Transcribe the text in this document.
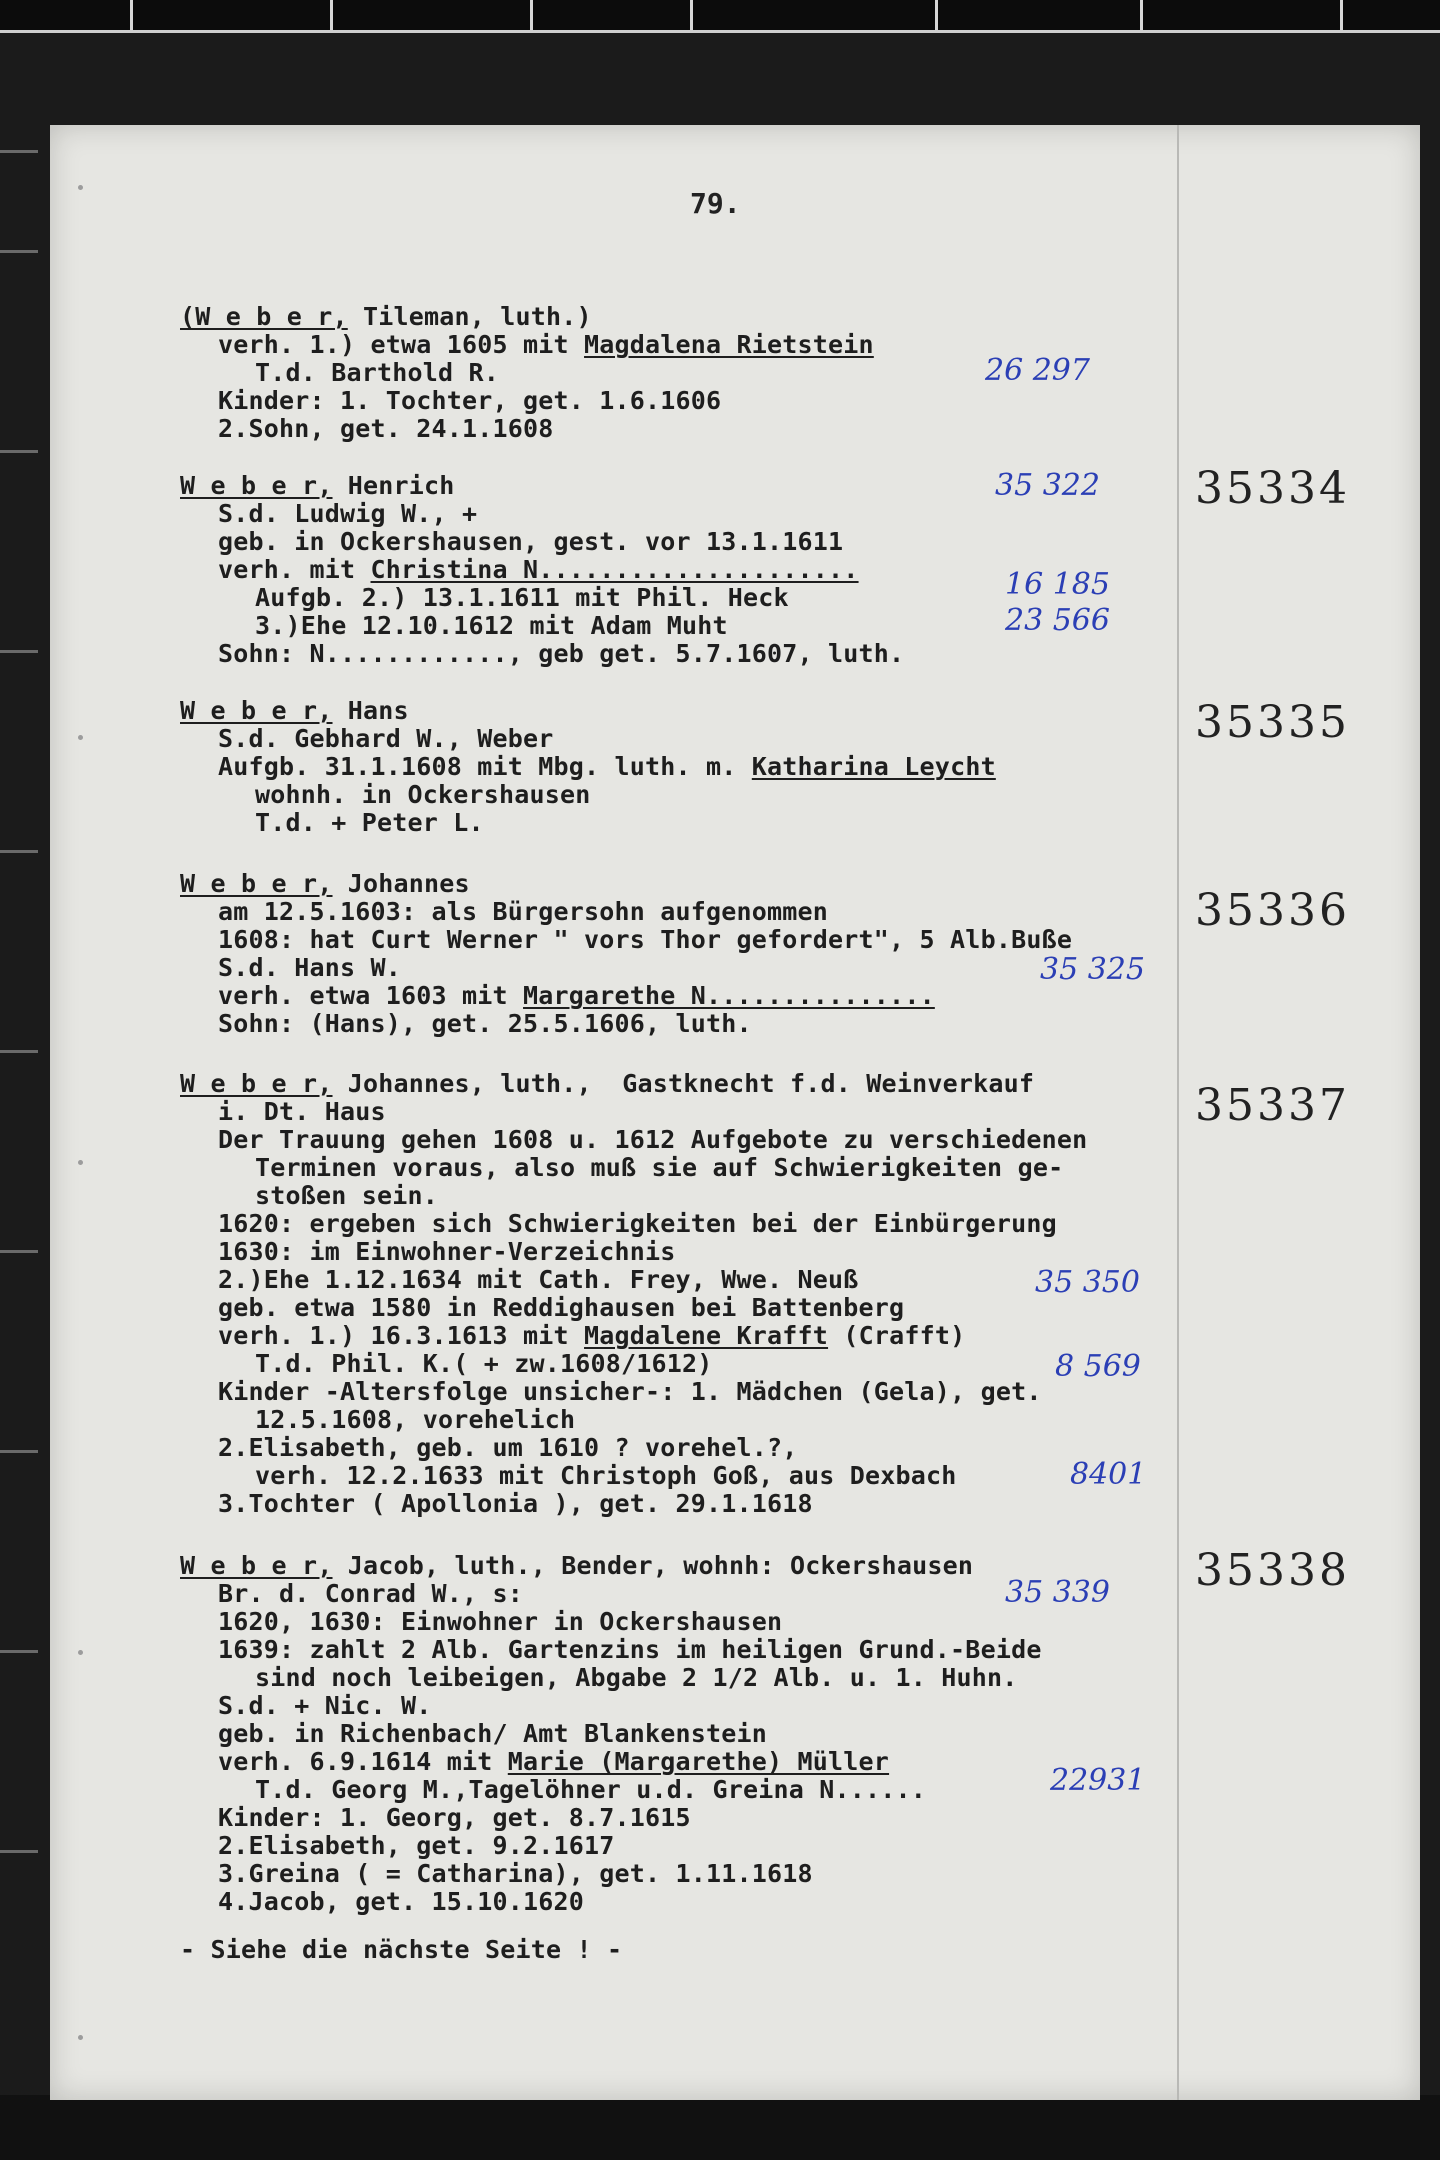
79.
(W e b e r, Tileman, luth.)
verh. 1.) etwa 1605 mit Magdalena Rietstein
T.d. Barthold R.
Kinder: 1. Tochter, get. 1.6.1606
2.Sohn, get. 24.1.1608
26 297
W e b e r, Henrich
S.d. Ludwig W., +
geb. in Ockershausen, gest. vor 13.1.1611
verh. mit Christina N.....................
Aufgb. 2.) 13.1.1611 mit Phil. Heck
3.)Ehe 12.10.1612 mit Adam Muht
Sohn: N............, geb get. 5.7.1607, luth.
35 322
16 185
23 566
35334
W e b e r, Hans
S.d. Gebhard W., Weber
Aufgb. 31.1.1608 mit Mbg. luth. m. Katharina Leycht
wohnh. in Ockershausen
T.d. + Peter L.
35335
W e b e r, Johannes
am 12.5.1603: als Bürgersohn aufgenommen
1608: hat Curt Werner " vors Thor gefordert", 5 Alb.Buße
S.d. Hans W.
verh. etwa 1603 mit Margarethe N...............
Sohn: (Hans), get. 25.5.1606, luth.
35 325
35336
W e b e r, Johannes, luth.,  Gastknecht f.d. Weinverkauf
i. Dt. Haus
Der Trauung gehen 1608 u. 1612 Aufgebote zu verschiedenen
Terminen voraus, also muß sie auf Schwierigkeiten ge-
stoßen sein.
1620: ergeben sich Schwierigkeiten bei der Einbürgerung
1630: im Einwohner-Verzeichnis
2.)Ehe 1.12.1634 mit Cath. Frey, Wwe. Neuß
geb. etwa 1580 in Reddighausen bei Battenberg
verh. 1.) 16.3.1613 mit Magdalene Krafft (Crafft)
T.d. Phil. K.( + zw.1608/1612)
Kinder -Altersfolge unsicher-: 1. Mädchen (Gela), get.
12.5.1608, vorehelich
2.Elisabeth, geb. um 1610 ? vorehel.?,
verh. 12.2.1633 mit Christoph Goß, aus Dexbach
3.Tochter ( Apollonia ), get. 29.1.1618
35 350
8 569
8401
35337
W e b e r, Jacob, luth., Bender, wohnh: Ockershausen
Br. d. Conrad W., s:
1620, 1630: Einwohner in Ockershausen
1639: zahlt 2 Alb. Gartenzins im heiligen Grund.-Beide
sind noch leibeigen, Abgabe 2 1/2 Alb. u. 1. Huhn.
S.d. + Nic. W.
geb. in Richenbach/ Amt Blankenstein
verh. 6.9.1614 mit Marie (Margarethe) Müller
T.d. Georg M.,Tagelöhner u.d. Greina N......
Kinder: 1. Georg, get. 8.7.1615
2.Elisabeth, get. 9.2.1617
3.Greina ( = Catharina), get. 1.11.1618
4.Jacob, get. 15.10.1620
35 339
22931
35338
- Siehe die nächste Seite ! -
